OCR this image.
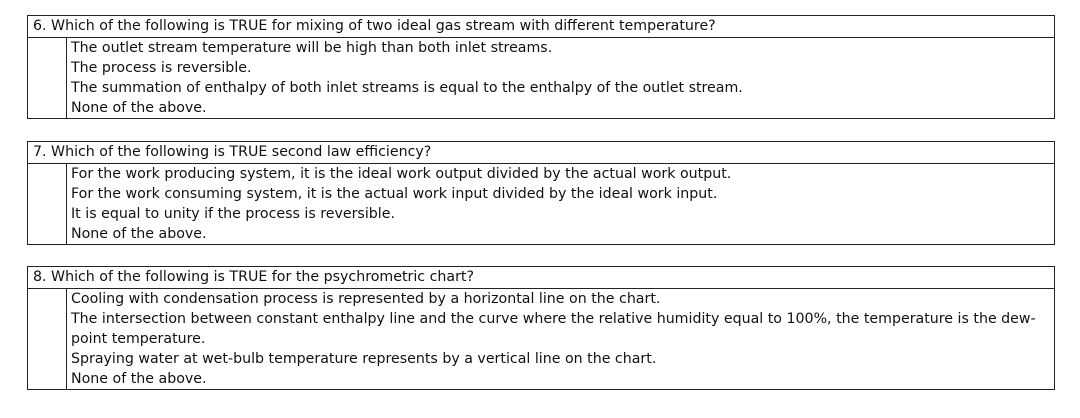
6. Which of the following is TRUE for mixing of two ideal gas stream with different temperature?
The outlet stream temperature will be high than both inlet streams.
The process is reversible.
The summation of enthalpy of both inlet streams is equal to the enthalpy of the outlet stream.
None of the above.
7. Which of the following is TRUE second law efficiency?
For the work producing system, it is the ideal work output divided by the actual work output.
For the work consuming system, it is the actual work input divided by the ideal work input.
It is equal to unity if the process is reversible.
None of the above.
8. Which of the following is TRUE for the psychrometric chart?
Cooling with condensation process is represented by a horizontal line on the chart.
The intersection between constant enthalpy line and the curve where the relative humidity equal to 100%, the temperature is the dew-point temperature.
Spraying water at wet-bulb temperature represents by a vertical line on the chart.
None of the above.
